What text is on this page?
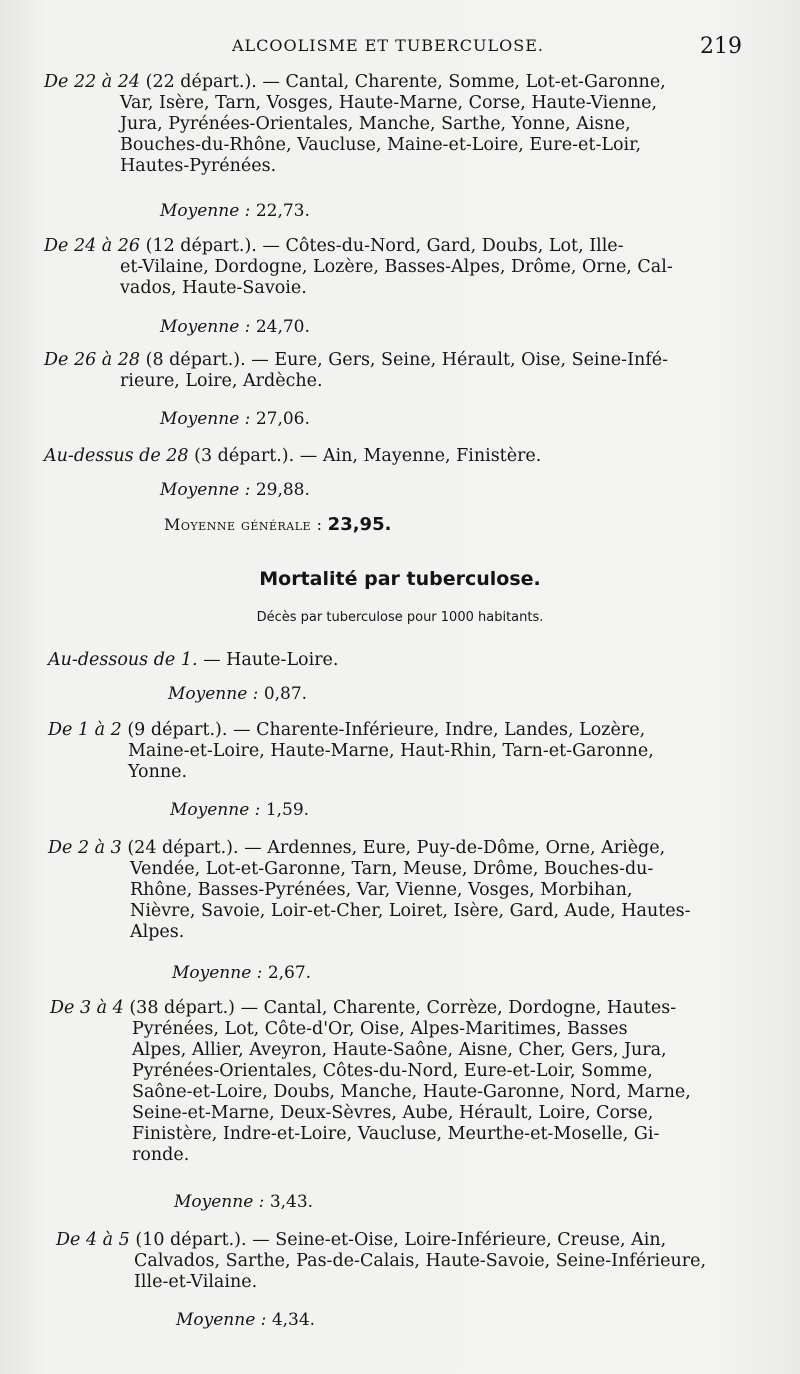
ALCOOLISME ET TUBERCULOSE.	219
De 22 à 24 (22 départ.). — Cantal, Charente, Somme, Lot-et-Garonne,
Var, Isère, Tarn, Vosges, Haute-Marne, Corse, Haute-Vienne,
Jura, Pyrénées-Orientales, Manche, Sarthe, Yonne, Aisne,
Bouches-du-Rhône, Vaucluse, Maine-et-Loire, Eure-et-Loir,
Hautes-Pyrénées.
Moyenne : 22,73.
De 24 à 26 (12 départ.). — Côtes-du-Nord, Gard, Doubs, Lot, Ille-
et-Vilaine, Dordogne, Lozère, Basses-Alpes, Drôme, Orne, Cal-
vados, Haute-Savoie.
Moyenne : 24,70.
De 26 à 28 (8 départ.). — Eure, Gers, Seine, Hérault, Oise, Seine-Infé-
rieure, Loire, Ardèche.
Moyenne : 27,06.
Au-dessus de 28 (3 départ.). — Ain, Mayenne, Finistère.
Moyenne : 29,88.
Moyenne générale : 23,95.
Mortalité par tuberculose.
Décès par tuberculose pour 1000 habitants.
Au-dessous de 1. — Haute-Loire.
Moyenne : 0,87.
De 1 à 2 (9 départ.). — Charente-Inférieure, Indre, Landes, Lozère,
Maine-et-Loire, Haute-Marne, Haut-Rhin, Tarn-et-Garonne,
Yonne.
Moyenne : 1,59.
De 2 à 3 (24 départ.). — Ardennes, Eure, Puy-de-Dôme, Orne, Ariège,
Vendée, Lot-et-Garonne, Tarn, Meuse, Drôme, Bouches-du-
Rhône, Basses-Pyrénées, Var, Vienne, Vosges, Morbihan,
Nièvre, Savoie, Loir-et-Cher, Loiret, Isère, Gard, Aude, Hautes-
Alpes.
Moyenne : 2,67.
De 3 à 4 (38 départ.) — Cantal, Charente, Corrèze, Dordogne, Hautes-
Pyrénées, Lot, Côte-d'Or, Oise, Alpes-Maritimes, Basses
Alpes, Allier, Aveyron, Haute-Saône, Aisne, Cher, Gers, Jura,
Pyrénées-Orientales, Côtes-du-Nord, Eure-et-Loir, Somme,
Saône-et-Loire, Doubs, Manche, Haute-Garonne, Nord, Marne,
Seine-et-Marne, Deux-Sèvres, Aube, Hérault, Loire, Corse,
Finistère, Indre-et-Loire, Vaucluse, Meurthe-et-Moselle, Gi-
ronde.
Moyenne : 3,43.
De 4 à 5 (10 départ.). — Seine-et-Oise, Loire-Inférieure, Creuse, Ain,
Calvados, Sarthe, Pas-de-Calais, Haute-Savoie, Seine-Inférieure,
Ille-et-Vilaine.
Moyenne : 4,34.
